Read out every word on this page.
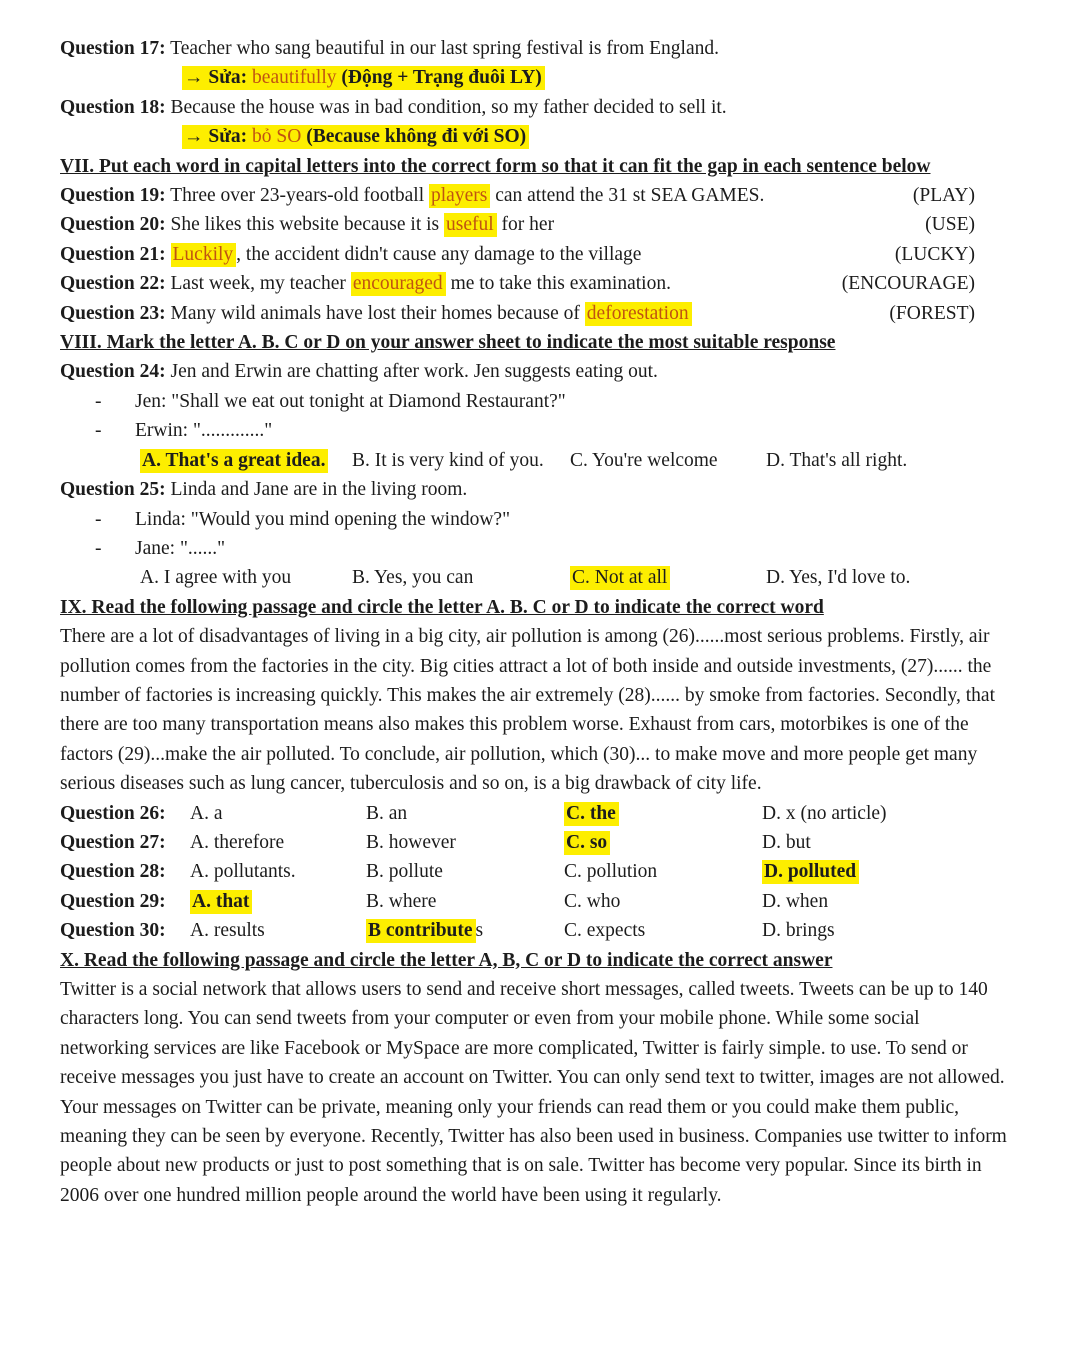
Question 17: Teacher who sang beautiful in our last spring festival is from England.
→ Sửa: beautifully (Động + Trạng đuôi LY)
Question 18: Because the house was in bad condition, so my father decided to sell it.
→ Sửa: bỏ SO (Because không đi với SO)
VII. Put each word in capital letters into the correct form so that it can fit the gap in each sentence below
Question 19: Three over 23-years-old football players can attend the 31 st SEA GAMES.	(PLAY)
Question 20: She likes this website because it is useful for her	(USE)
Question 21: Luckily , the accident didn't cause any damage to the village	(LUCKY)
Question 22: Last week, my teacher encouraged me to take this examination.	(ENCOURAGE)
Question 23: Many wild animals have lost their homes because of deforestation	(FOREST)
VIII. Mark the letter A. B. C or D on your answer sheet to indicate the most suitable response
Question 24: Jen and Erwin are chatting after work. Jen suggests eating out.
-	Jen: "Shall we eat out tonight at Diamond Restaurant?"
-	Erwin: "............."
A. That's a great idea.	B. It is very kind of you.	C. You're welcome	D. That's all right.
Question 25: Linda and Jane are in the living room.
-	Linda: "Would you mind opening the window?"
-	Jane: "......"
A. I agree with you	B. Yes, you can	C. Not at all	D. Yes, I'd love to.
IX. Read the following passage and circle the letter A. B. C or D to indicate the correct word

There are a lot of disadvantages of living in a big city, air pollution is among (26)......most serious problems. Firstly, air pollution comes from the factories in the city. Big cities attract a lot of both inside and outside investments, (27)...... the number of factories is increasing quickly. This makes the air extremely (28)...... by smoke from factories. Secondly, that there are too many transportation means also makes this problem worse. Exhaust from cars, motorbikes is one of the factors (29)...make the air polluted. To conclude, air pollution, which (30)... to make move and more people get many serious diseases such as lung cancer, tuberculosis and so on, is a big drawback of city life.

Question 26:	A. a	B. an	C. the	D. x (no article)
Question 27:	A. therefore	B. however	C. so	D. but
Question 28:	A. pollutants.	B. pollute	C. pollution	D. polluted
Question 29:	A. that	B. where	C. who	D. when
Question 30:	A. results	B contribute s	C. expects	D. brings
X. Read the following passage and circle the letter A, B, C or D to indicate the correct answer

Twitter is a social network that allows users to send and receive short messages, called tweets. Tweets can be up to 140 characters long. You can send tweets from your computer or even from your mobile phone. While some social networking services are like Facebook or MySpace are more complicated, Twitter is fairly simple. to use. To send or receive messages you just have to create an account on Twitter. You can only send text to twitter, images are not allowed. Your messages on Twitter can be private, meaning only your friends can read them or you could make them public, meaning they can be seen by everyone. Recently, Twitter has also been used in business. Companies use twitter to inform people about new products or just to post something that is on sale. Twitter has become very popular. Since its birth in 2006 over one hundred million people around the world have been using it regularly.
